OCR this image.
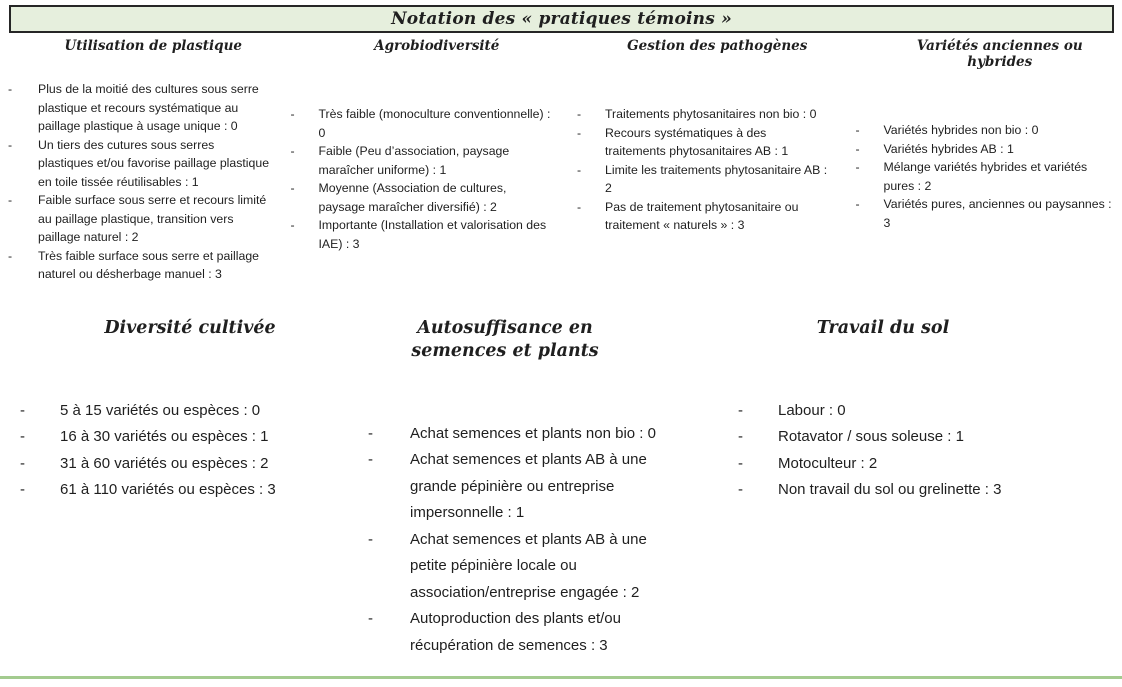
Notation des « pratiques témoins »
Utilisation de plastique
-	Plus de la moitié des cultures sous serre plastique et recours systématique au paillage plastique à usage unique : 0
-	Un tiers des cutures sous serres plastiques et/ou favorise paillage plastique en toile tissée réutilisables : 1
-	Faible surface sous serre et recours limité au paillage plastique, transition vers paillage naturel : 2
-	Très faible surface sous serre et paillage naturel ou désherbage manuel : 3
Agrobiodiversité
-	Très faible (monoculture conventionnelle) : 0
-	Faible (Peu d’association, paysage maraîcher uniforme) : 1
-	Moyenne (Association de cultures, paysage maraîcher diversifié) : 2
-	Importante (Installation et valorisation des IAE) : 3
Gestion des pathogènes
-	Traitements phytosanitaires non bio : 0
-	Recours systématiques à des traitements phytosanitaires AB : 1
-	Limite les traitements phytosanitaire AB : 2
-	Pas de traitement phytosanitaire ou traitement « naturels » : 3
Variétés anciennes ou hybrides
-	Variétés hybrides non bio : 0
-	Variétés hybrides AB : 1
-	Mélange variétés hybrides et variétés pures : 2
-	Variétés pures, anciennes ou paysannes : 3
Diversité cultivée
-	5 à 15 variétés ou espèces : 0
-	16 à 30 variétés ou espèces : 1
-	31 à 60 variétés ou espèces : 2
-	61 à 110 variétés ou espèces : 3
Autosuffisance en semences et plants
-	Achat semences et plants non bio : 0
-	Achat semences et plants AB à une grande pépinière ou entreprise impersonnelle : 1
-	Achat semences et plants AB à une petite pépinière locale ou association/entreprise engagée : 2
-	Autoproduction des plants et/ou récupération de semences : 3
Travail du sol
-	Labour : 0
-	Rotavator / sous soleuse : 1
-	Motoculteur : 2
-	Non travail du sol ou grelinette : 3
